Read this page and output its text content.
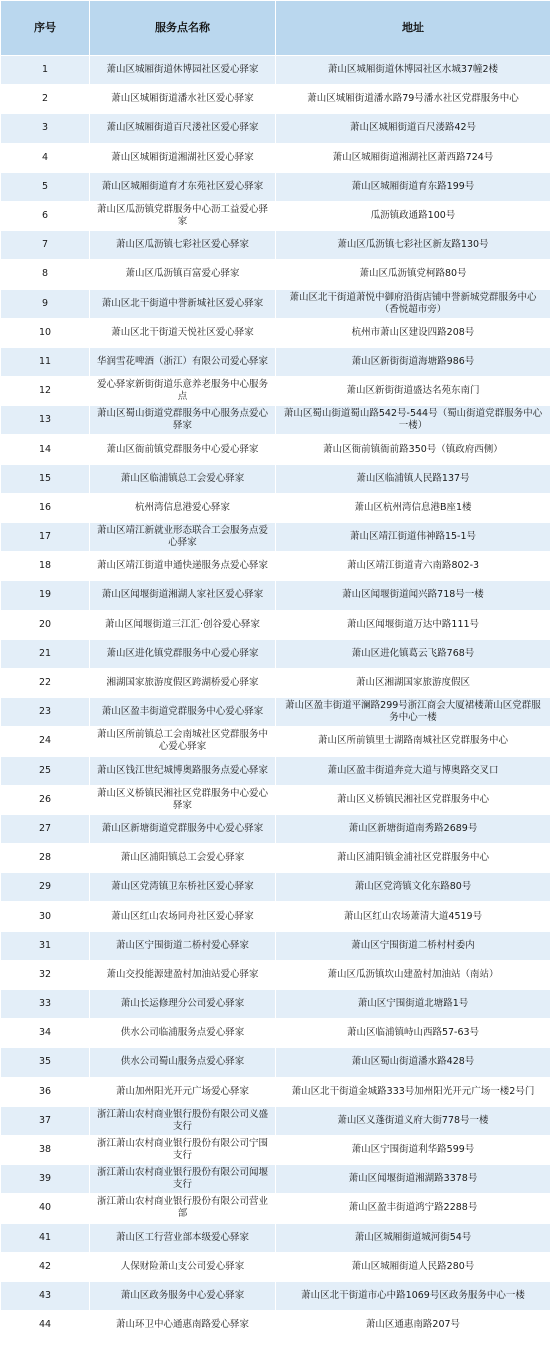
序号	服务点名称	地址
1	萧山区城厢街道休博园社区爱心驿家	萧山区城厢街道休博园社区水城37幢2楼
2	萧山区城厢街道潘水社区爱心驿家	萧山区城厢街道潘水路79号潘水社区党群服务中心
3	萧山区城厢街道百尺溇社区爱心驿家	萧山区城厢街道百尺溇路42号
4	萧山区城厢街道湘湖社区爱心驿家	萧山区城厢街道湘湖社区萧西路724号
5	萧山区城厢街道育才东苑社区爱心驿家	萧山区城厢街道育东路199号
6	萧山区瓜沥镇党群服务中心沥工益爱心驿家	瓜沥镇政通路100号
7	萧山区瓜沥镇七彩社区爱心驿家	萧山区瓜沥镇七彩社区新友路130号
8	萧山区瓜沥镇百富爱心驿家	萧山区瓜沥镇党柯路80号
9	萧山区北干街道中誉新城社区爱心驿家	萧山区北干街道萧悦中御府沿街店铺中誉新城党群服务中心（香悦超市旁）
10	萧山区北干街道天悦社区爱心驿家	杭州市萧山区建设四路208号
11	华润雪花啤酒（浙江）有限公司爱心驿家	萧山区新街街道海塘路986号
12	爱心驿家新街街道乐意养老服务中心服务点	萧山区新街街道盛达名苑东南门
13	萧山区蜀山街道党群服务中心服务点爱心驿家	萧山区蜀山街道蜀山路542号-544号（蜀山街道党群服务中心一楼）
14	萧山区衙前镇党群服务中心爱心驿家	萧山区衙前镇衙前路350号（镇政府西侧）
15	萧山区临浦镇总工会爱心驿家	萧山区临浦镇人民路137号
16	杭州湾信息港爱心驿家	萧山区杭州湾信息港B座1楼
17	萧山区靖江新就业形态联合工会服务点爱心驿家	萧山区靖江街道伟神路15-1号
18	萧山区靖江街道申通快递服务点爱心驿家	萧山区靖江街道青六南路802-3
19	萧山区闻堰街道湘湖人家社区爱心驿家	萧山区闻堰街道闻兴路718号一楼
20	萧山区闻堰街道三江汇·创谷爱心驿家	萧山区闻堰街道万达中路111号
21	萧山区进化镇党群服务中心爱心驿家	萧山区进化镇葛云飞路768号
22	湘湖国家旅游度假区跨湖桥爱心驿家	萧山区湘湖国家旅游度假区
23	萧山区盈丰街道党群服务中心爱心驿家	萧山区盈丰街道平澜路299号浙江商会大厦裙楼萧山区党群服务中心一楼
24	萧山区所前镇总工会南城社区党群服务中心爱心驿家	萧山区所前镇里士湖路南城社区党群服务中心
25	萧山区钱江世纪城博奥路服务点爱心驿家	萧山区盈丰街道奔竞大道与博奥路交叉口
26	萧山区义桥镇民湘社区党群服务中心爱心驿家	萧山区义桥镇民湘社区党群服务中心
27	萧山区新塘街道党群服务中心爱心驿家	萧山区新塘街道南秀路2689号
28	萧山区浦阳镇总工会爱心驿家	萧山区浦阳镇金浦社区党群服务中心
29	萧山区党湾镇卫东桥社区爱心驿家	萧山区党湾镇文化东路80号
30	萧山区红山农场同舟社区爱心驿家	萧山区红山农场萧清大道4519号
31	萧山区宁围街道二桥村爱心驿家	萧山区宁围街道二桥村村委内
32	萧山交投能源建盈村加油站爱心驿家	萧山区瓜沥镇坎山建盈村加油站（南站）
33	萧山长运修理分公司爱心驿家	萧山区宁围街道北塘路1号
34	供水公司临浦服务点爱心驿家	萧山区临浦镇峙山西路57-63号
35	供水公司蜀山服务点爱心驿家	萧山区蜀山街道潘水路428号
36	萧山加州阳光开元广场爱心驿家	萧山区北干街道金城路333号加州阳光开元广场一楼2号门
37	浙江萧山农村商业银行股份有限公司义盛支行	萧山区义蓬街道义府大街778号一楼
38	浙江萧山农村商业银行股份有限公司宁围支行	萧山区宁围街道利华路599号
39	浙江萧山农村商业银行股份有限公司闻堰支行	萧山区闻堰街道湘湖路3378号
40	浙江萧山农村商业银行股份有限公司营业部	萧山区盈丰街道鸿宁路2288号
41	萧山区工行营业部本级爱心驿家	萧山区城厢街道城河街54号
42	人保财险萧山支公司爱心驿家	萧山区城厢街道人民路280号
43	萧山区政务服务中心爱心驿家	萧山区北干街道市心中路1069号区政务服务中心一楼
44	萧山环卫中心通惠南路爱心驿家	萧山区通惠南路207号
